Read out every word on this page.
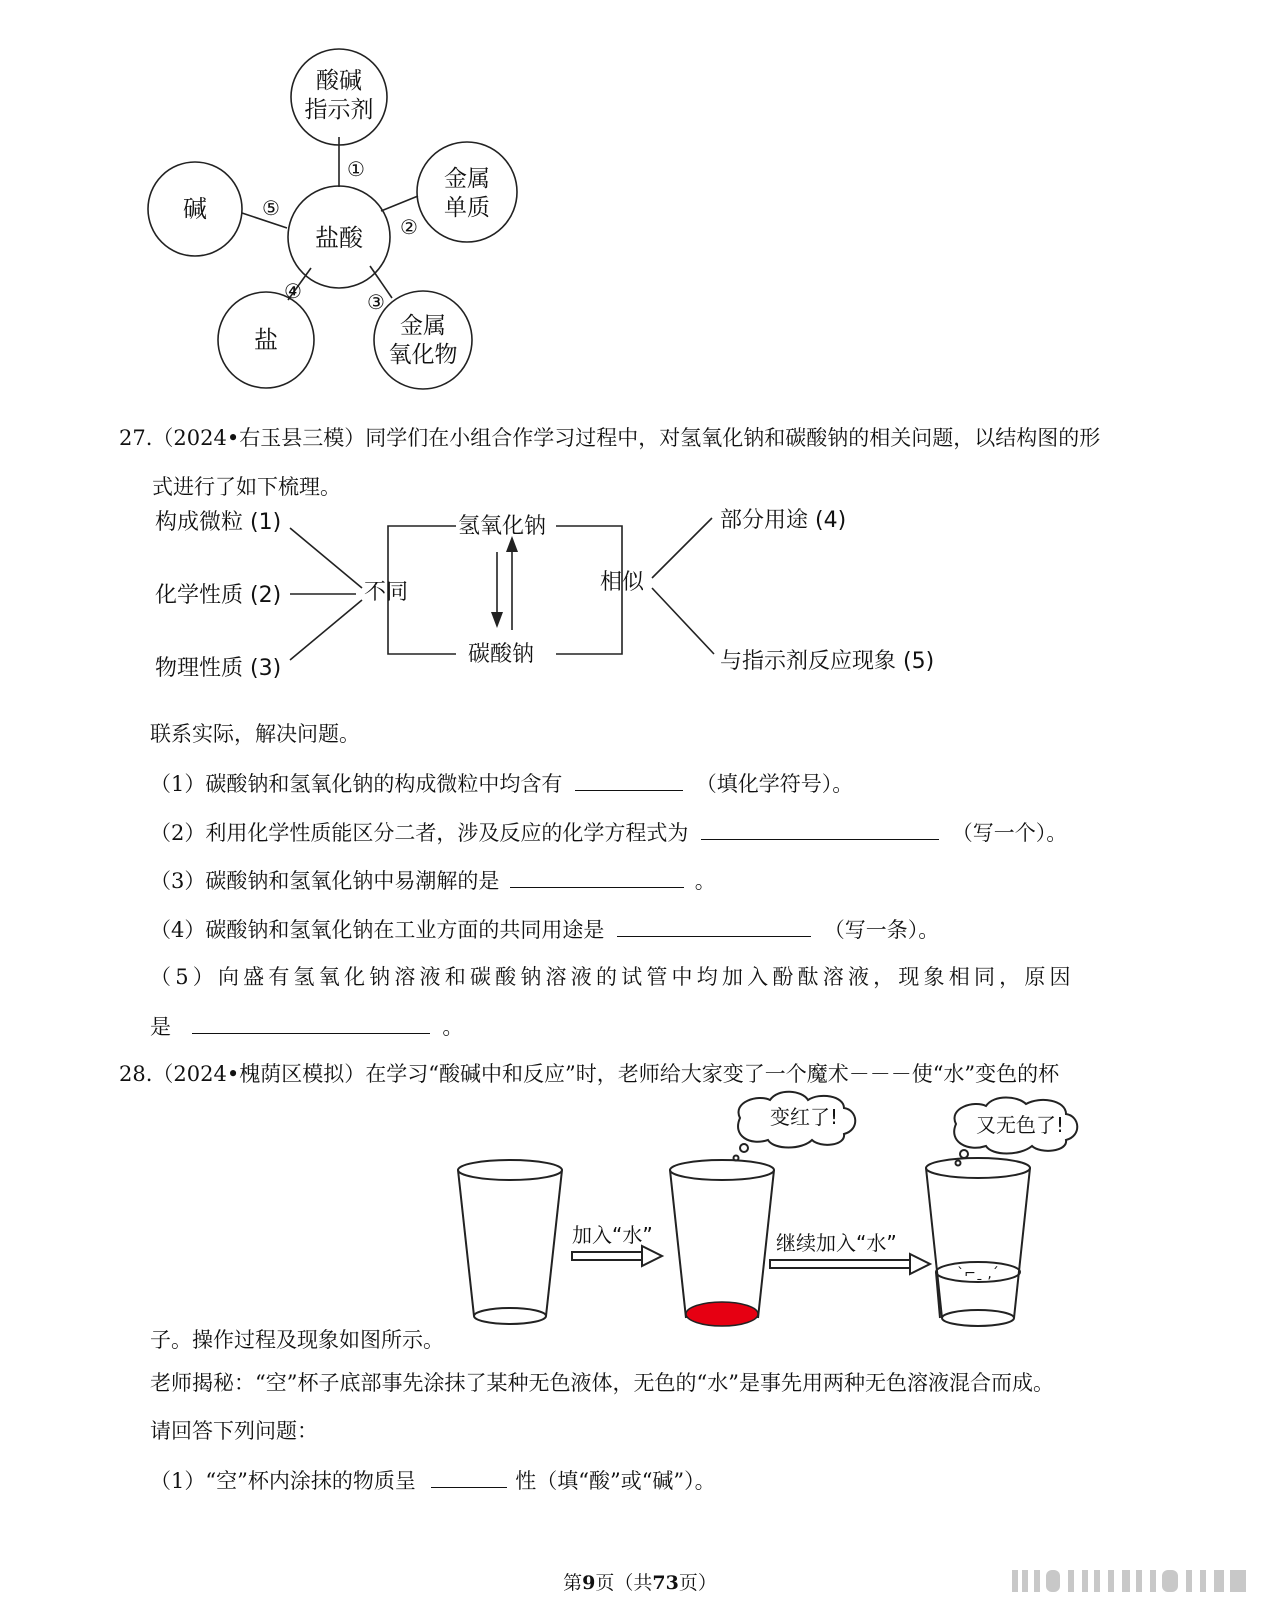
盐酸
酸碱
指示剂
金属
单质
金属
氧化物
盐
碱
①
②
③
④
⑤
27.（2024•右玉县三模）同学们在小组合作学习过程中，对氢氧化钠和碳酸钠的相关问题，以结构图的形
式进行了如下梳理。
构成微粒 (1)
化学性质 (2)
物理性质 (3)
不同
氢氧化钠
碳酸钠
相似
部分用途 (4)
与指示剂反应现象 (5)
联系实际，解决问题。
（1）碳酸钠和氢氧化钠的构成微粒中均含有	（填化学符号）。
（2）利用化学性质能区分二者，涉及反应的化学方程式为	（写一个）。
（3）碳酸钠和氢氧化钠中易潮解的是	。
（4）碳酸钠和氢氧化钠在工业方面的共同用途是	（写一条）。
（5）向盛有氢氧化钠溶液和碳酸钠溶液的试管中均加入酚酞溶液，现象相同，原因
是	。
28.（2024•槐荫区模拟）在学习“酸碱中和反应”时，老师给大家变了一个魔术－－－使“水”变色的杯
ˋ⌐ˍ ,ˊ
加入“水”	继续加入“水”
变红了!	又无色了!
子。操作过程及现象如图所示。
老师揭秘：“空”杯子底部事先涂抹了某种无色液体，无色的“水”是事先用两种无色溶液混合而成。
请回答下列问题：
（1）“空”杯内涂抹的物质呈	性（填“酸”或“碱”）。
第9页（共73页）
